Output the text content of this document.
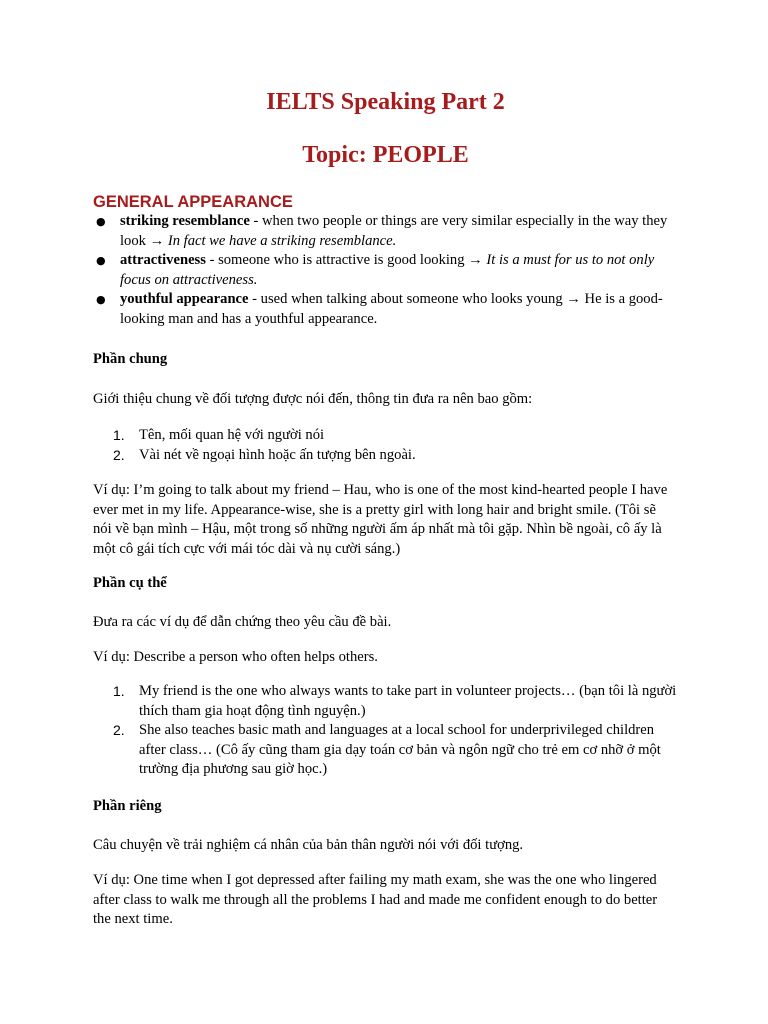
IELTS Speaking Part 2
Topic: PEOPLE
GENERAL APPEARANCE
● striking resemblance - when two people or things are very similar especially in the way they look → In fact we have a striking resemblance.
● attractiveness - someone who is attractive is good looking → It is a must for us to not only focus on attractiveness.
● youthful appearance - used when talking about someone who looks young → He is a good-looking man and has a youthful appearance.

Phần chung

Giới thiệu chung về đối tượng được nói đến, thông tin đưa ra nên bao gồm:

1. Tên, mối quan hệ với người nói
2. Vài nét về ngoại hình hoặc ấn tượng bên ngoài.

Ví dụ: I’m going to talk about my friend – Hau, who is one of the most kind-hearted people I have ever met in my life. Appearance-wise, she is a pretty girl with long hair and bright smile. (Tôi sẽ nói về bạn mình – Hậu, một trong số những người ấm áp nhất mà tôi gặp. Nhìn bề ngoài, cô ấy là một cô gái tích cực với mái tóc dài và nụ cười sáng.)

Phần cụ thể

Đưa ra các ví dụ để dẫn chứng theo yêu cầu đề bài.

Ví dụ: Describe a person who often helps others.

1. My friend is the one who always wants to take part in volunteer projects… (bạn tôi là người thích tham gia hoạt động tình nguyện.)
2. She also teaches basic math and languages at a local school for underprivileged children after class… (Cô ấy cũng tham gia dạy toán cơ bản và ngôn ngữ cho trẻ em cơ nhỡ ở một trường địa phương sau giờ học.)

Phần riêng

Câu chuyện về trải nghiệm cá nhân của bản thân người nói với đối tượng.

Ví dụ: One time when I got depressed after failing my math exam, she was the one who lingered after class to walk me through all the problems I had and made me confident enough to do better the next time.
